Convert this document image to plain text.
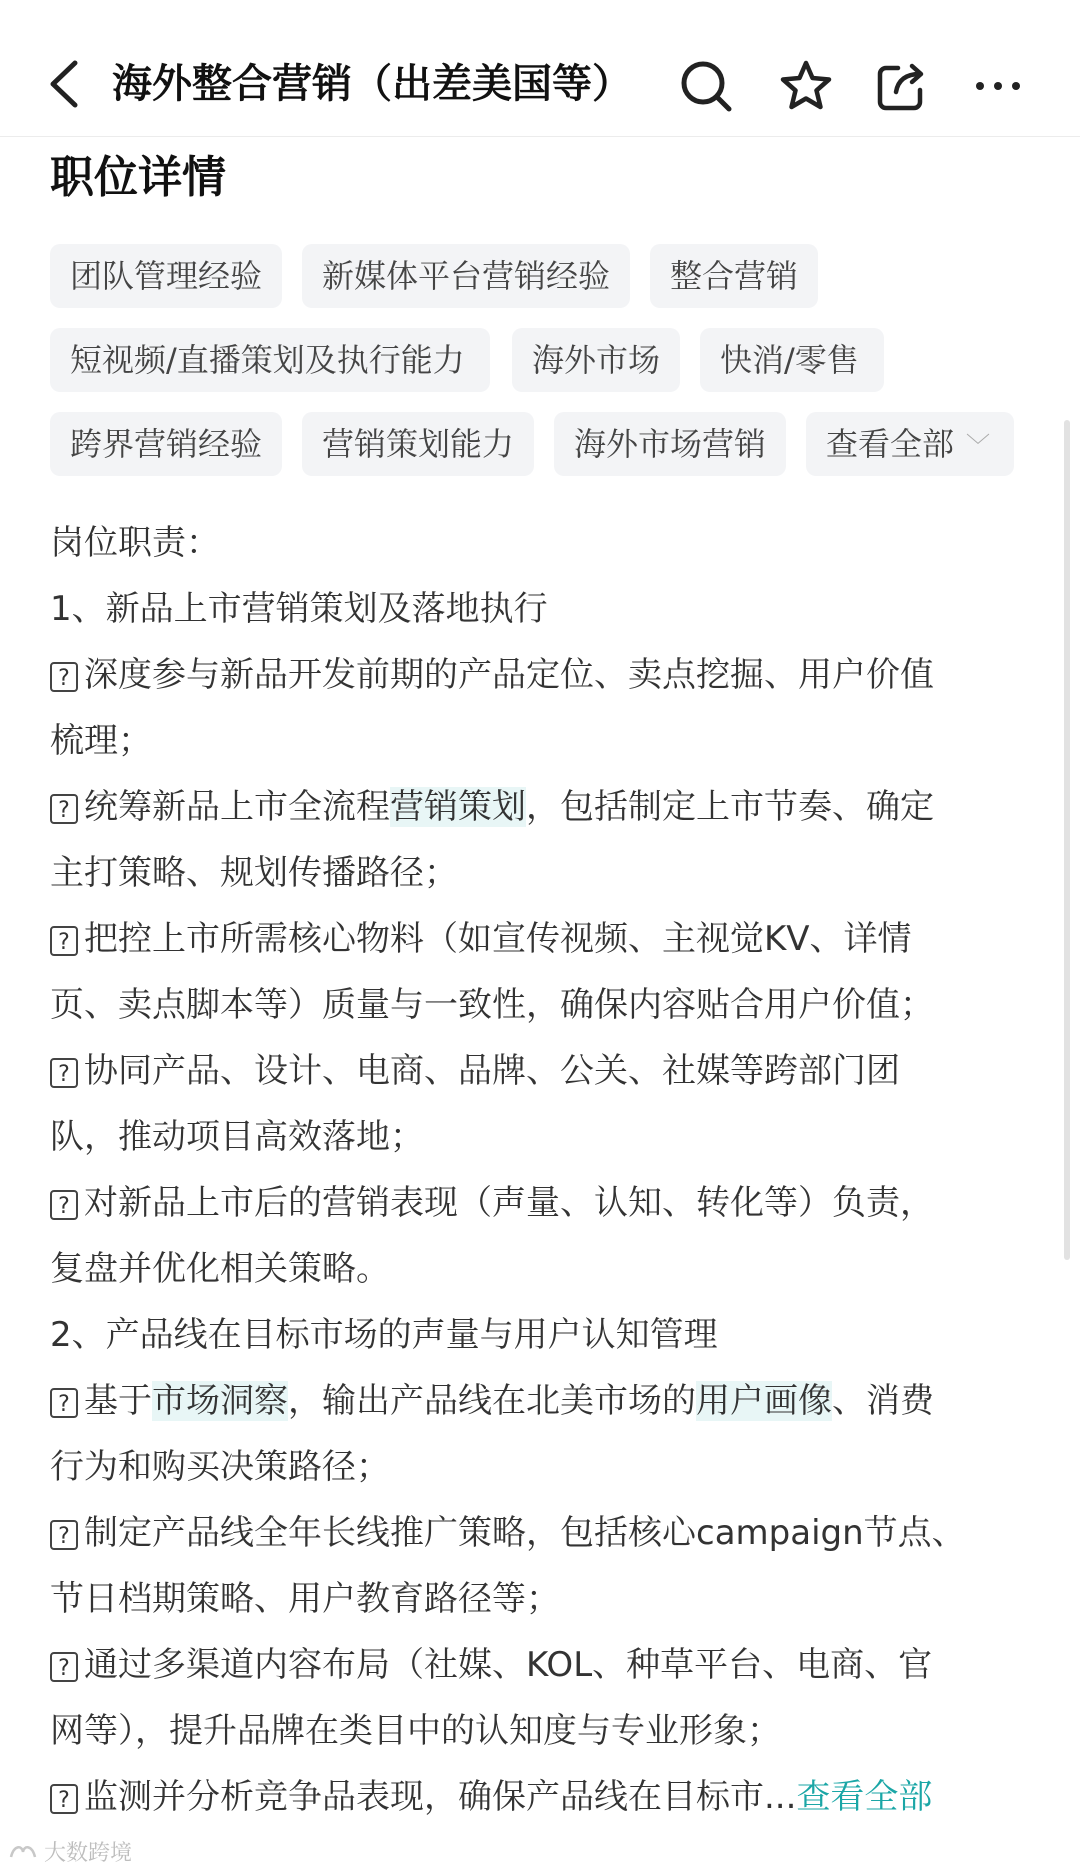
海外整合营销（出差美国等）
职位详情
团队管理经验	新媒体平台营销经验	整合营销
短视频/直播策划及执行能力	海外市场	快消/零售
跨界营销经验	营销策划能力	海外市场营销	查看全部 ﹀
岗位职责：
1、新品上市营销策划及落地执行
? 深度参与新品开发前期的产品定位、卖点挖掘、用户价值
梳理；
? 统筹新品上市全流程营销策划，包括制定上市节奏、确定
主打策略、规划传播路径；
? 把控上市所需核心物料（如宣传视频、主视觉KV、详情
页、卖点脚本等）质量与一致性，确保内容贴合用户价值；
? 协同产品、设计、电商、品牌、公关、社媒等跨部门团
队，推动项目高效落地；
? 对新品上市后的营销表现（声量、认知、转化等）负责，
复盘并优化相关策略。
2、产品线在目标市场的声量与用户认知管理
? 基于市场洞察，输出产品线在北美市场的用户画像、消费
行为和购买决策路径；
? 制定产品线全年长线推广策略，包括核心campaign节点、
节日档期策略、用户教育路径等；
? 通过多渠道内容布局（社媒、KOL、种草平台、电商、官
网等），提升品牌在类目中的认知度与专业形象；
? 监测并分析竞争品表现，确保产品线在目标市...查看全部
大数跨境
